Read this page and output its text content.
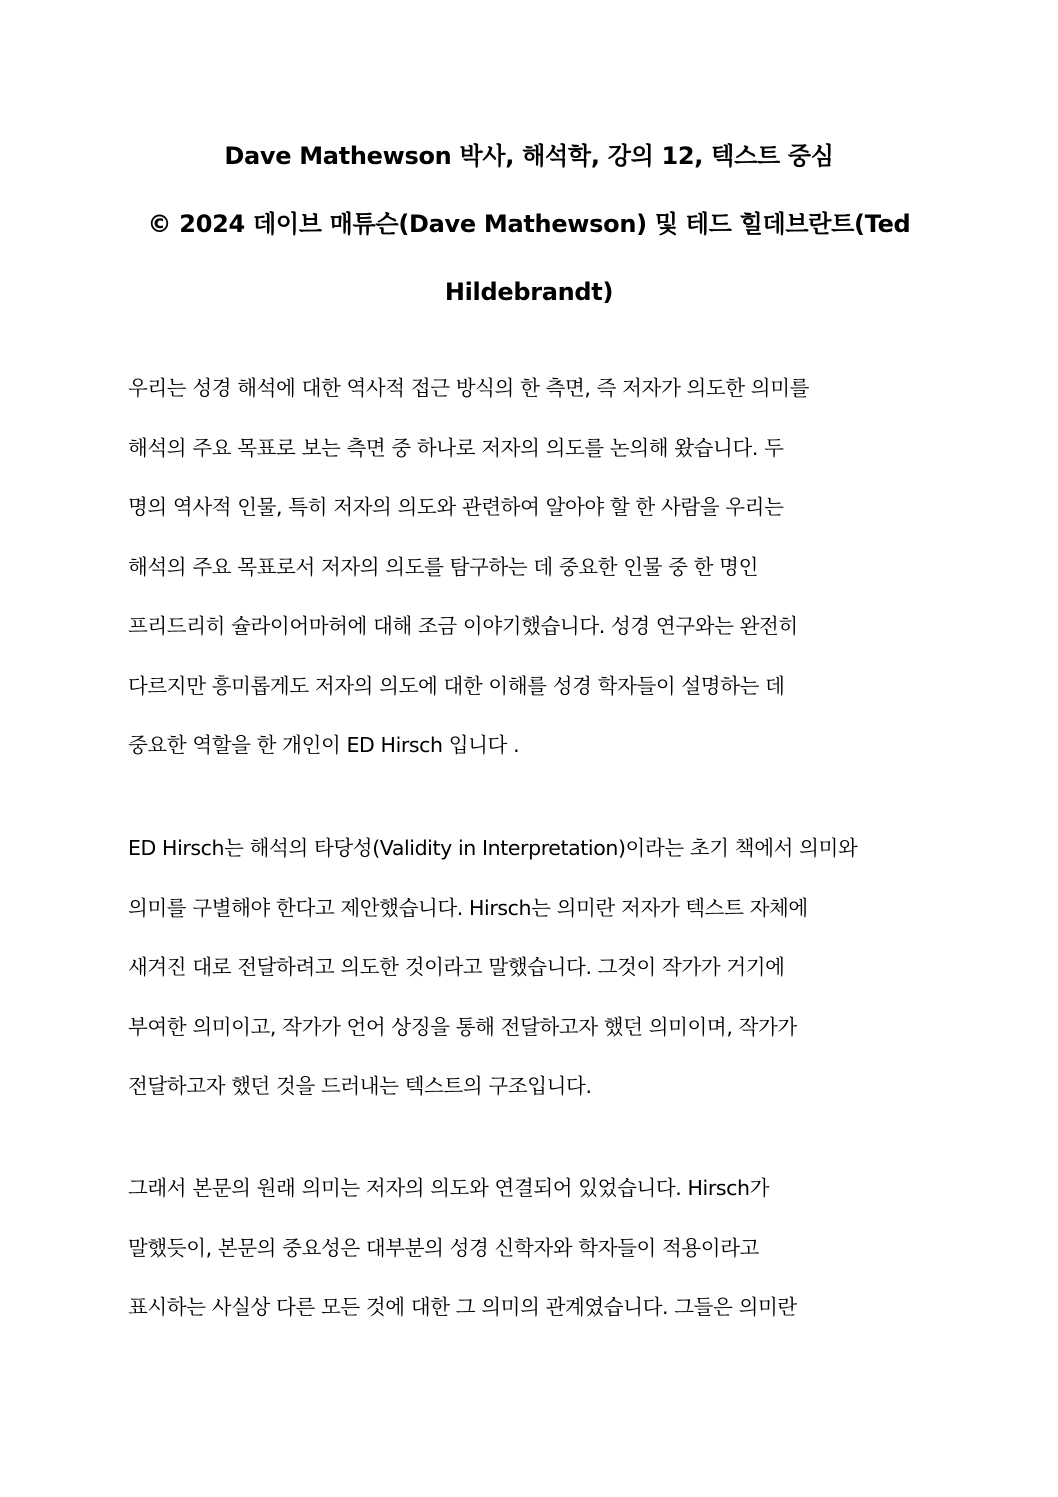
Dave Mathewson 박사, 해석학, 강의 12, 텍스트 중심
© 2024 데이브 매튜슨(Dave Mathewson) 및 테드 힐데브란트(Ted
Hildebrandt)
우리는 성경 해석에 대한 역사적 접근 방식의 한 측면, 즉 저자가 의도한 의미를
해석의 주요 목표로 보는 측면 중 하나로 저자의 의도를 논의해 왔습니다. 두
명의 역사적 인물, 특히 저자의 의도와 관련하여 알아야 할 한 사람을 우리는
해석의 주요 목표로서 저자의 의도를 탐구하는 데 중요한 인물 중 한 명인
프리드리히 슐라이어마허에 대해 조금 이야기했습니다. 성경 연구와는 완전히
다르지만 흥미롭게도 저자의 의도에 대한 이해를 성경 학자들이 설명하는 데
중요한 역할을 한 개인이 ED Hirsch 입니다 .
ED Hirsch는 해석의 타당성(Validity in Interpretation)이라는 초기 책에서 의미와
의미를 구별해야 한다고 제안했습니다. Hirsch는 의미란 저자가 텍스트 자체에
새겨진 대로 전달하려고 의도한 것이라고 말했습니다. 그것이 작가가 거기에
부여한 의미이고, 작가가 언어 상징을 통해 전달하고자 했던 의미이며, 작가가
전달하고자 했던 것을 드러내는 텍스트의 구조입니다.
그래서 본문의 원래 의미는 저자의 의도와 연결되어 있었습니다. Hirsch가
말했듯이, 본문의 중요성은 대부분의 성경 신학자와 학자들이 적용이라고
표시하는 사실상 다른 모든 것에 대한 그 의미의 관계였습니다. 그들은 의미란
